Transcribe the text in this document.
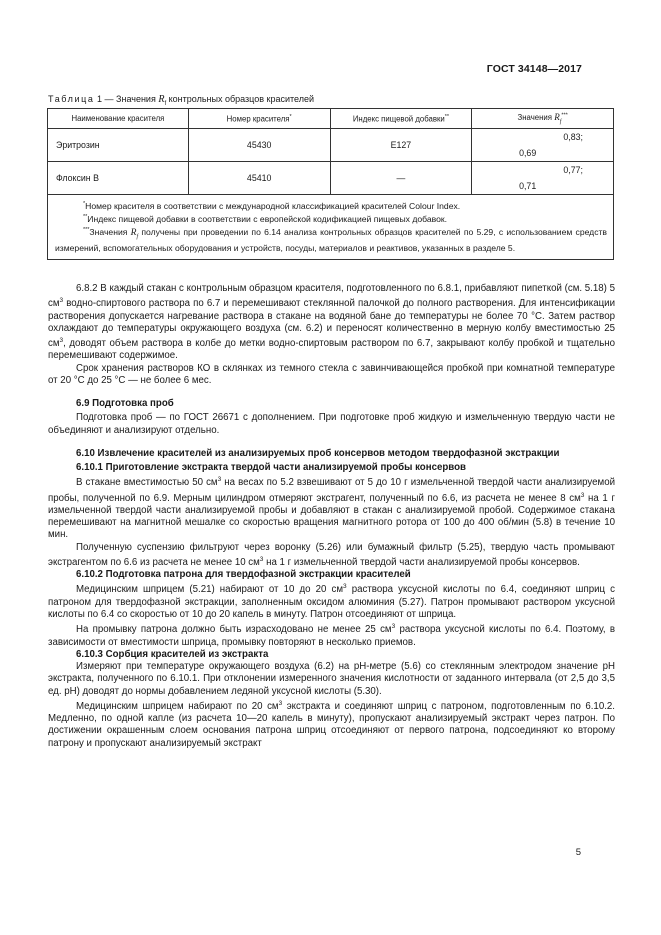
ГОСТ 34148—2017
Таблица 1 — Значения $R_f$ контрольных образцов красителей
Наименование красителя	Номер красителя*	Индекс пищевой добавки**	Значения $R_f^{***}$
Эритрозин	45430	E127	0,83;
0,69

Флоксин B	45410	—	0,77;
0,71

*Номер красителя в соответствии с международной классификацией красителей Colour Index.

**Индекс пищевой добавки в соответствии с европейской кодификацией пищевых добавок.

***Значения $R_f$ получены при проведении по 6.14 анализа контрольных образцов красителей по 5.29, с использованием средств измерений, вспомогательных оборудования и устройств, посуды, материалов и реактивов, указанных в разделе 5.			

6.8.2 В каждый стакан с контрольным образцом красителя, подготовленного по 6.8.1, прибавляют пипеткой (см. 5.18) 5 $см^3$ водно-спиртового раствора по 6.7 и перемешивают стеклянной палочкой до полного растворения. Для интенсификации растворения допускается нагревание раствора в стакане на водяной бане до температуры не более 70 °С. Затем раствор охлаждают до температуры окружающего воздуха (см. 6.2) и переносят количественно в мерную колбу вместимостью 25 $см^3$, доводят объем раствора в колбе до метки водно-спиртовым раствором по 6.7, закрывают колбу пробкой и тщательно перемешивают содержимое.

Срок хранения растворов КО в склянках из темного стекла с завинчивающейся пробкой при комнатной температуре от 20 °С до 25 °С — не более 6 мес.

6.9 Подготовка проб

Подготовка проб — по ГОСТ 26671 с дополнением. При подготовке проб жидкую и измельченную твердую части не объединяют и анализируют отдельно.

6.10 Извлечение красителей из анализируемых проб консервов методом твердофазной экстракции

6.10.1 Приготовление экстракта твердой части анализируемой пробы консервов

В стакане вместимостью 50 $см^3$ на весах по 5.2 взвешивают от 5 до 10 г измельченной твердой части анализируемой пробы, полученной по 6.9. Мерным цилиндром отмеряют экстрагент, полученный по 6.6, из расчета не менее 8 $см^3$ на 1 г измельченной твердой части анализируемой пробы и добавляют в стакан с анализируемой пробой. Содержимое стакана перемешивают на магнитной мешалке со скоростью вращения магнитного ротора от 100 до 400 об/мин (5.8) в течение 10 мин.

Полученную суспензию фильтруют через воронку (5.26) или бумажный фильтр (5.25), твердую часть промывают экстрагентом по 6.6 из расчета не менее 10 $см^3$ на 1 г измельченной твердой части анализируемой пробы консервов.

6.10.2 Подготовка патрона для твердофазной экстракции красителей

Медицинским шприцем (5.21) набирают от 10 до 20 $см^3$ раствора уксусной кислоты по 6.4, соединяют шприц с патроном для твердофазной экстракции, заполненным оксидом алюминия (5.27). Патрон промывают раствором уксусной кислоты по 6.4 со скоростью от 10 до 20 капель в минуту. Патрон отсоединяют от шприца.

На промывку патрона должно быть израсходовано не менее 25 $см^3$ раствора уксусной кислоты по 6.4. Поэтому, в зависимости от вместимости шприца, промывку повторяют в несколько приемов.

6.10.3 Сорбция красителей из экстракта

Измеряют при температуре окружающего воздуха (6.2) на рН-метре (5.6) со стеклянным электродом значение рН экстракта, полученного по 6.10.1. При отклонении измеренного значения кислотности от заданного интервала (от 2,5 до 3,5 ед. рН) доводят до нормы добавлением ледяной уксусной кислоты (5.30).

Медицинским шприцем набирают по 20 $см^3$ экстракта и соединяют шприц с патроном, подготовленным по 6.10.2. Медленно, по одной капле (из расчета 10—20 капель в минуту), пропускают анализируемый экстракт через патрон. По достижении окрашенным слоем основания патрона шприц отсоединяют от первого патрона, подсоединяют ко второму патрону и пропускают анализируемый экстракт

5
